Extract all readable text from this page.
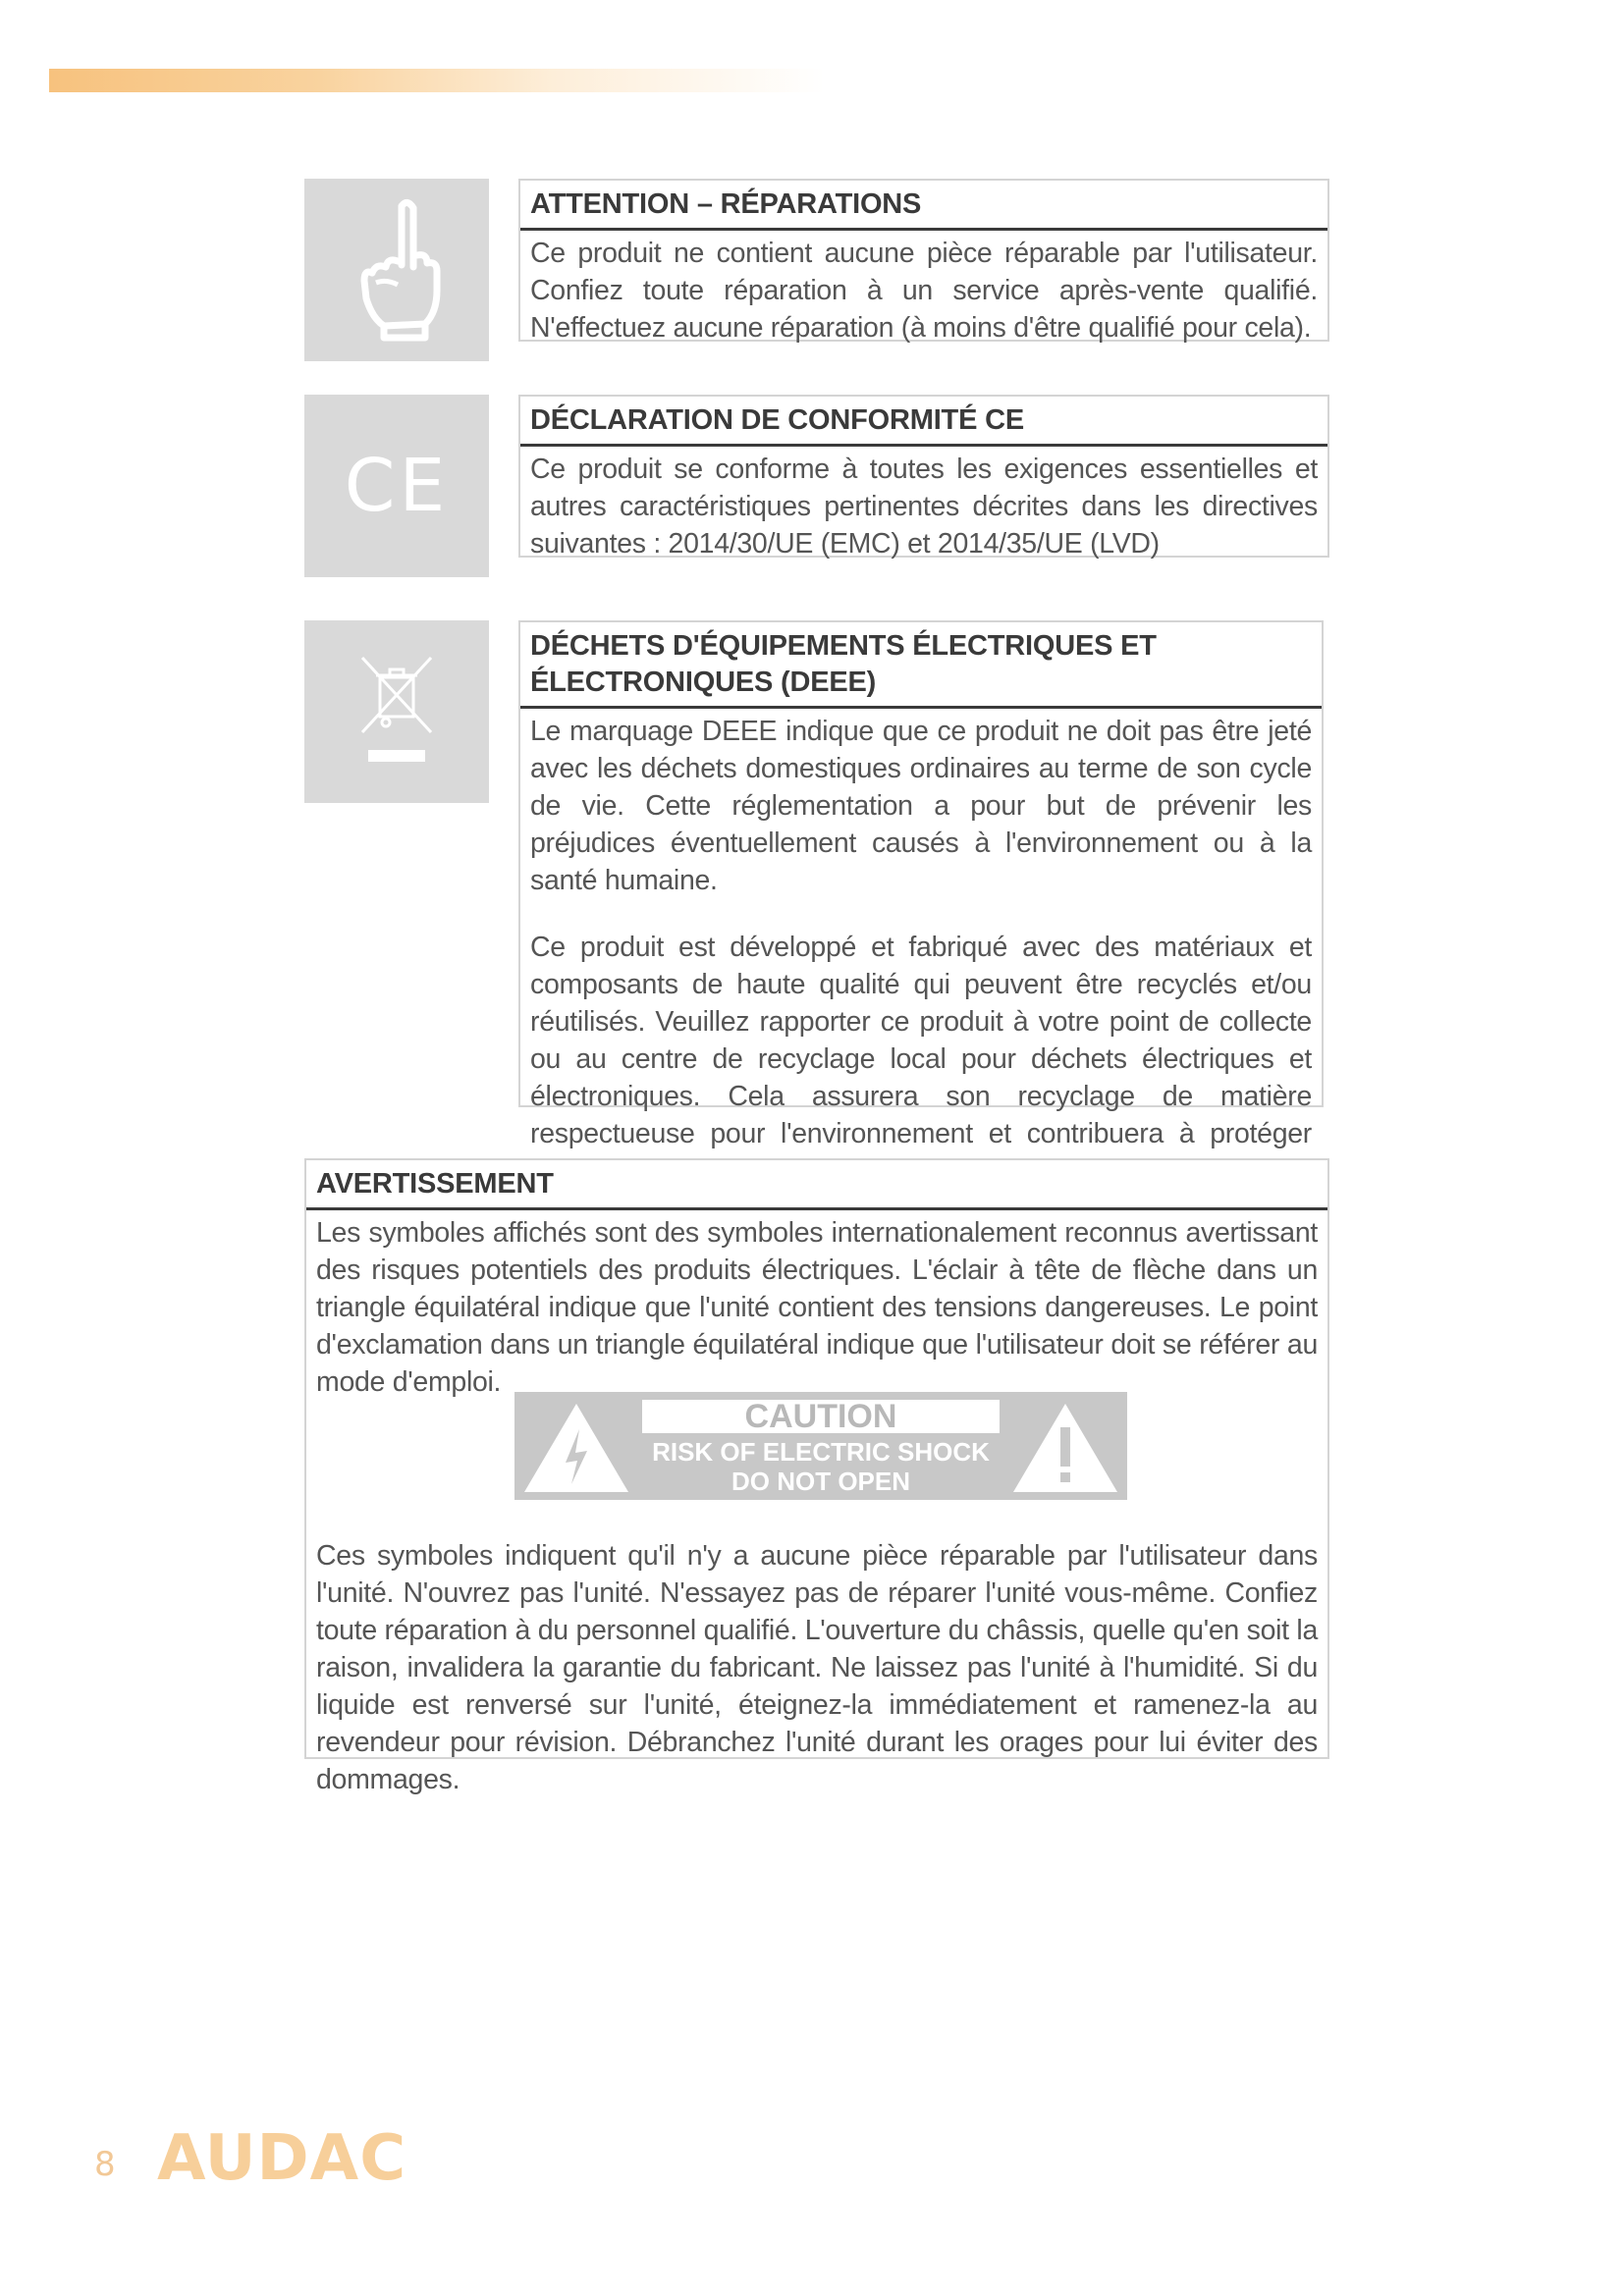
ATTENTION – RÉPARATIONS

Ce produit ne contient aucune pièce réparable par l'utilisateur. Confiez toute réparation à un service après-vente qualifié. N'effectuez aucune réparation (à moins d'être qualifié pour cela).

CE
DÉCLARATION DE CONFORMITÉ CE

Ce produit se conforme à toutes les exigences essentielles et autres caractéristiques pertinentes décrites dans les directives suivantes : 2014/30/UE (EMC) et 2014/35/UE (LVD)

DÉCHETS D'ÉQUIPEMENTS ÉLECTRIQUES ET ÉLECTRONIQUES (DEEE)

Le marquage DEEE indique que ce produit ne doit pas être jeté avec les déchets domestiques ordinaires au terme de son cycle de vie. Cette réglementation a pour but de prévenir les préjudices éventuellement causés à l'environnement ou à la santé humaine.

Ce produit est développé et fabriqué avec des matériaux et composants de haute qualité qui peuvent être recyclés et/ou réutilisés. Veuillez rapporter ce produit à votre point de collecte ou au centre de recyclage local pour déchets électriques et électroniques. Cela assurera son recyclage de matière respectueuse pour l'environnement et contribuera à protéger

AVERTISSEMENT

Les symboles affichés sont des symboles internationalement reconnus avertissant des risques potentiels des produits électriques. L'éclair à tête de flèche dans un triangle équilatéral indique que l'unité contient des tensions dangereuses. Le point d'exclamation dans un triangle équilatéral indique que l'utilisateur doit se référer au mode d'emploi.

Ces symboles indiquent qu'il n'y a aucune pièce réparable par l'utilisateur dans l'unité. N'ouvrez pas l'unité. N'essayez pas de réparer l'unité vous-même. Confiez toute réparation à du personnel qualifié. L'ouverture du châssis, quelle qu'en soit la raison, invalidera la garantie du fabricant. Ne laissez pas l'unité à l'humidité. Si du liquide est renversé sur l'unité, éteignez-la immédiatement et ramenez-la au revendeur pour révision. Débranchez l'unité durant les orages pour lui éviter des dommages.

CAUTION
RISK OF ELECTRIC SHOCK
DO NOT OPEN
8 AUDAC
